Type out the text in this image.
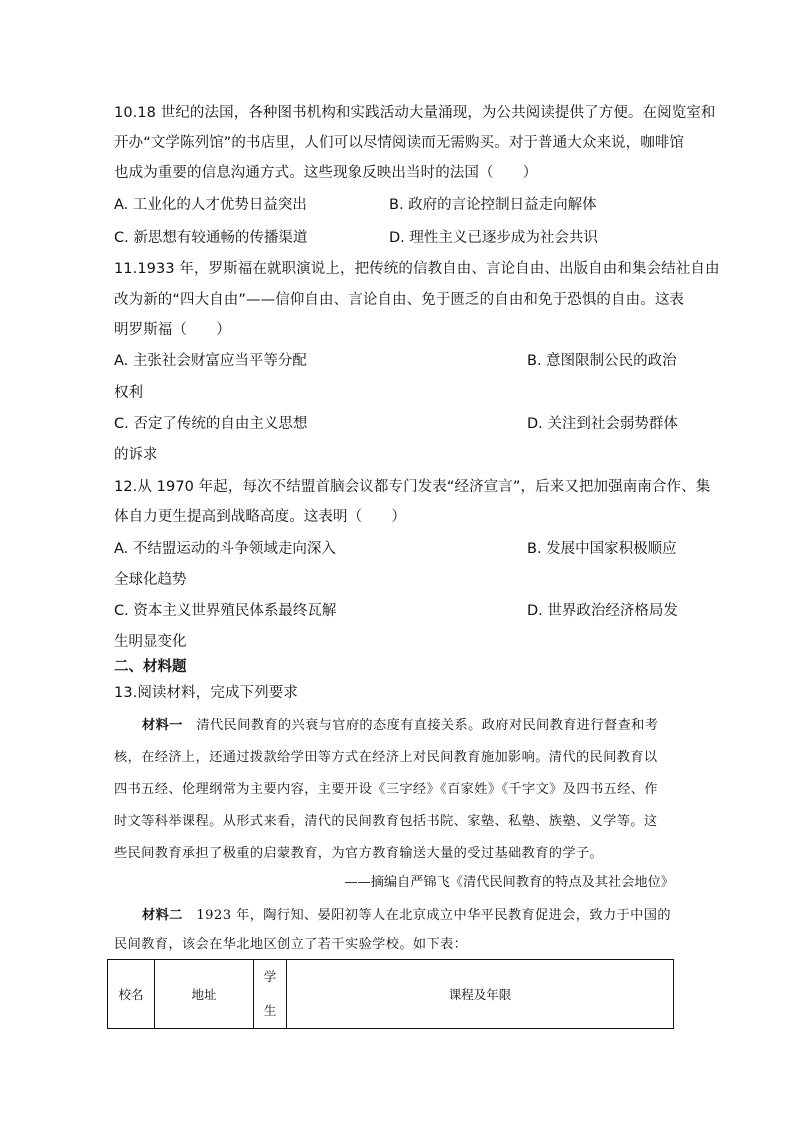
10.18 世纪的法国，各种图书机构和实践活动大量涌现，为公共阅读提供了方便。在阅览室和
开办“文学陈列馆”的书店里，人们可以尽情阅读而无需购买。对于普通大众来说，咖啡馆
也成为重要的信息沟通方式。这些现象反映出当时的法国（　　）
A. 工业化的人才优势日益突出	B. 政府的言论控制日益走向解体
C. 新思想有较通畅的传播渠道	D. 理性主义已逐步成为社会共识
11.1933 年，罗斯福在就职演说上，把传统的信教自由、言论自由、出版自由和集会结社自由
改为新的“四大自由”——信仰自由、言论自由、免于匮乏的自由和免于恐惧的自由。这表
明罗斯福（　　）
A. 主张社会财富应当平等分配	B. 意图限制公民的政治
权利
C. 否定了传统的自由主义思想	D. 关注到社会弱势群体
的诉求
12.从 1970 年起，每次不结盟首脑会议都专门发表“经济宣言”，后来又把加强南南合作、集
体自力更生提高到战略高度。这表明（　　）
A. 不结盟运动的斗争领域走向深入	B. 发展中国家积极顺应
全球化趋势
C. 资本主义世界殖民体系最终瓦解	D. 世界政治经济格局发
生明显变化
二、材料题
13.阅读材料，完成下列要求
材料一　清代民间教育的兴衰与官府的态度有直接关系。政府对民间教育进行督查和考
核，在经济上，还通过拨款给学田等方式在经济上对民间教育施加影响。清代的民间教育以
四书五经、伦理纲常为主要内容，主要开设《三字经》《百家姓》《千字文》及四书五经、作
时文等科举课程。从形式来看，清代的民间教育包括书院、家塾、私塾、族塾、义学等。这
些民间教育承担了极重的启蒙教育，为官方教育输送大量的受过基础教育的学子。
——摘编自严锦飞《清代民间教育的特点及其社会地位》
材料二　1923 年，陶行知、晏阳初等人在北京成立中华平民教育促进会，致力于中国的
民间教育，该会在华北地区创立了若干实验学校。如下表：
校名	地址	学生	课程及年限
